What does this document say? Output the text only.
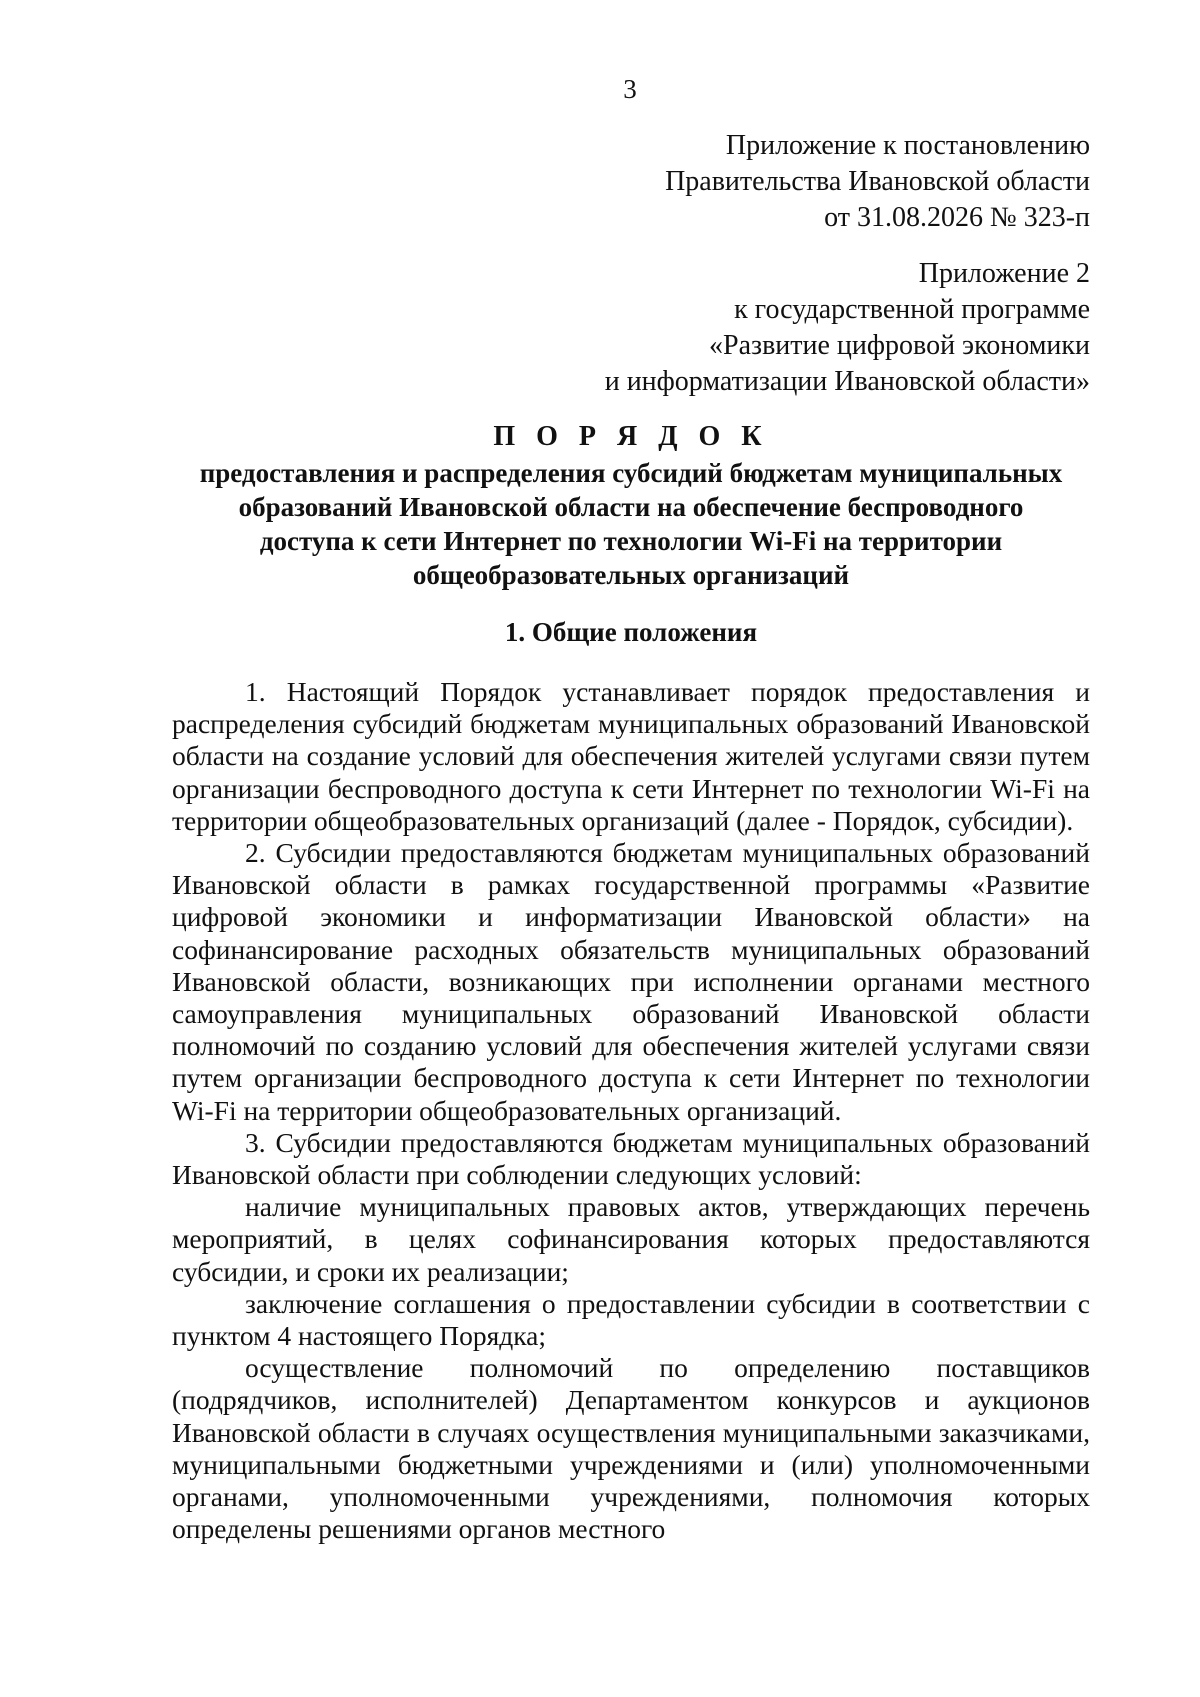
3
Приложение к постановлению
Правительства Ивановской области
от 31.08.2026 № 323-п
Приложение 2
к государственной программе
«Развитие цифровой экономики
и информатизации Ивановской области»
П О Р Я Д О К
предоставления и распределения субсидий бюджетам муниципальных
образований Ивановской области на обеспечение беспроводного
доступа к сети Интернет по технологии Wi-Fi на территории
общеобразовательных организаций
1. Общие положения

1. Настоящий Порядок устанавливает порядок предоставления и распределения субсидий бюджетам муниципальных образований Ивановской области на создание условий для обеспечения жителей услугами связи путем организации беспроводного доступа к сети Интернет по технологии Wi-Fi на территории общеобразовательных организаций (далее - Порядок, субсидии).

2. Субсидии предоставляются бюджетам муниципальных образований Ивановской области в рамках государственной программы «Развитие цифровой экономики и информатизации Ивановской области» на софинансирование расходных обязательств муниципальных образований Ивановской области, возникающих при исполнении органами местного самоуправления муниципальных образований Ивановской области полномочий по созданию условий для обеспечения жителей услугами связи путем организации беспроводного доступа к сети Интернет по технологии Wi-Fi на территории общеобразовательных организаций.

3. Субсидии предоставляются бюджетам муниципальных образований Ивановской области при соблюдении следующих условий:

наличие муниципальных правовых актов, утверждающих перечень мероприятий, в целях софинансирования которых предоставляются субсидии, и сроки их реализации;

заключение соглашения о предоставлении субсидии в соответствии с пунктом 4 настоящего Порядка;

осуществление полномочий по определению поставщиков (подрядчиков, исполнителей) Департаментом конкурсов и аукционов Ивановской области в случаях осуществления муниципальными заказчиками, муниципальными бюджетными учреждениями и (или) уполномоченными органами, уполномоченными учреждениями, полномочия которых определены решениями органов местного
